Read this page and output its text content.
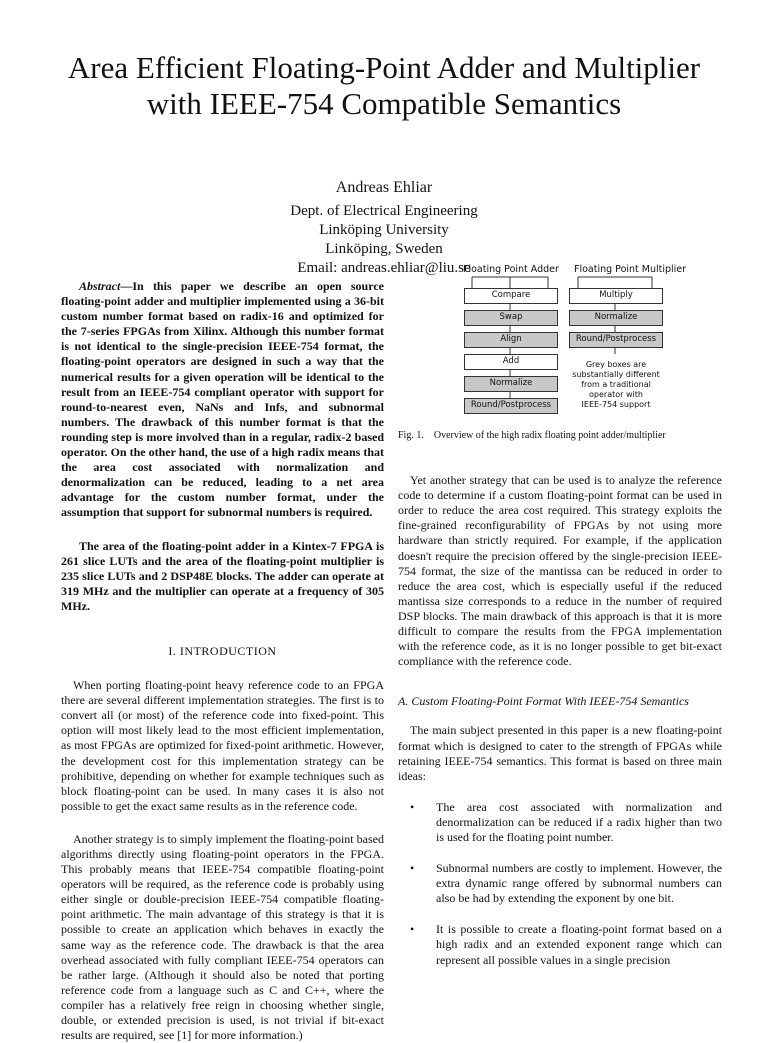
Area Efficient Floating-Point Adder and Multiplier
with IEEE-754 Compatible Semantics
Andreas Ehliar
Dept. of Electrical Engineering
Linköping University
Linköping, Sweden
Email: andreas.ehliar@liu.se

Abstract—In this paper we describe an open source floating-point adder and multiplier implemented using a 36-bit custom number format based on radix-16 and optimized for the 7-series FPGAs from Xilinx. Although this number format is not identical to the single-precision IEEE-754 format, the floating-point operators are designed in such a way that the numerical results for a given operation will be identical to the result from an IEEE-754 compliant operator with support for round-to-nearest even, NaNs and Infs, and subnormal numbers. The drawback of this number format is that the rounding step is more involved than in a regular, radix-2 based operator. On the other hand, the use of a high radix means that the area cost associated with normalization and denormalization can be reduced, leading to a net area advantage for the custom number format, under the assumption that support for subnormal numbers is required.

The area of the floating-point adder in a Kintex-7 FPGA is 261 slice LUTs and the area of the floating-point multiplier is 235 slice LUTs and 2 DSP48E blocks. The adder can operate at 319 MHz and the multiplier can operate at a frequency of 305 MHz.

I. INTRODUCTION

When porting floating-point heavy reference code to an FPGA there are several different implementation strategies. The first is to convert all (or most) of the reference code into fixed-point. This option will most likely lead to the most efficient implementation, as most FPGAs are optimized for fixed-point arithmetic. However, the development cost for this implementation strategy can be prohibitive, depending on whether for example techniques such as block floating-point can be used. In many cases it is also not possible to get the exact same results as in the reference code.

Another strategy is to simply implement the floating-point based algorithms directly using floating-point operators in the FPGA. This probably means that IEEE-754 compatible floating-point operators will be required, as the reference code is probably using either single or double-precision IEEE-754 compatible floating-point arithmetic. The main advantage of this strategy is that it is possible to create an application which behaves in exactly the same way as the reference code. The drawback is that the area overhead associated with fully compliant IEEE-754 operators can be rather large. (Although it should also be noted that porting reference code from a language such as C and C++, where the compiler has a relatively free reign in choosing whether single, double, or extended precision is used, is not trivial if bit-exact results are required, see [1] for more information.)

Floating Point Adder Floating Point Multiplier
Compare
Swap
Align
Add
Normalize
Round/Postprocess
Multiply
Normalize
Round/Postprocess
Grey boxes are
substantially different
from a traditional
operator with
IEEE-754 support

Fig. 1. Overview of the high radix floating point adder/multiplier

Yet another strategy that can be used is to analyze the reference code to determine if a custom floating-point format can be used in order to reduce the area cost required. This strategy exploits the fine-grained reconfigurability of FPGAs by not using more hardware than strictly required. For example, if the application doesn't require the precision offered by the single-precision IEEE-754 format, the size of the mantissa can be reduced in order to reduce the area cost, which is especially useful if the reduced mantissa size corresponds to a reduce in the number of required DSP blocks. The main drawback of this approach is that it is more difficult to compare the results from the FPGA implementation with the reference code, as it is no longer possible to get bit-exact compliance with the reference code.

A. Custom Floating-Point Format With IEEE-754 Semantics

The main subject presented in this paper is a new floating-point format which is designed to cater to the strength of FPGAs while retaining IEEE-754 semantics. This format is based on three main ideas:

• The area cost associated with normalization and denormalization can be reduced if a radix higher than two is used for the floating point number.
• Subnormal numbers are costly to implement. However, the extra dynamic range offered by subnormal numbers can also be had by extending the exponent by one bit.
• It is possible to create a floating-point format based on a high radix and an extended exponent range which can represent all possible values in a single precision
